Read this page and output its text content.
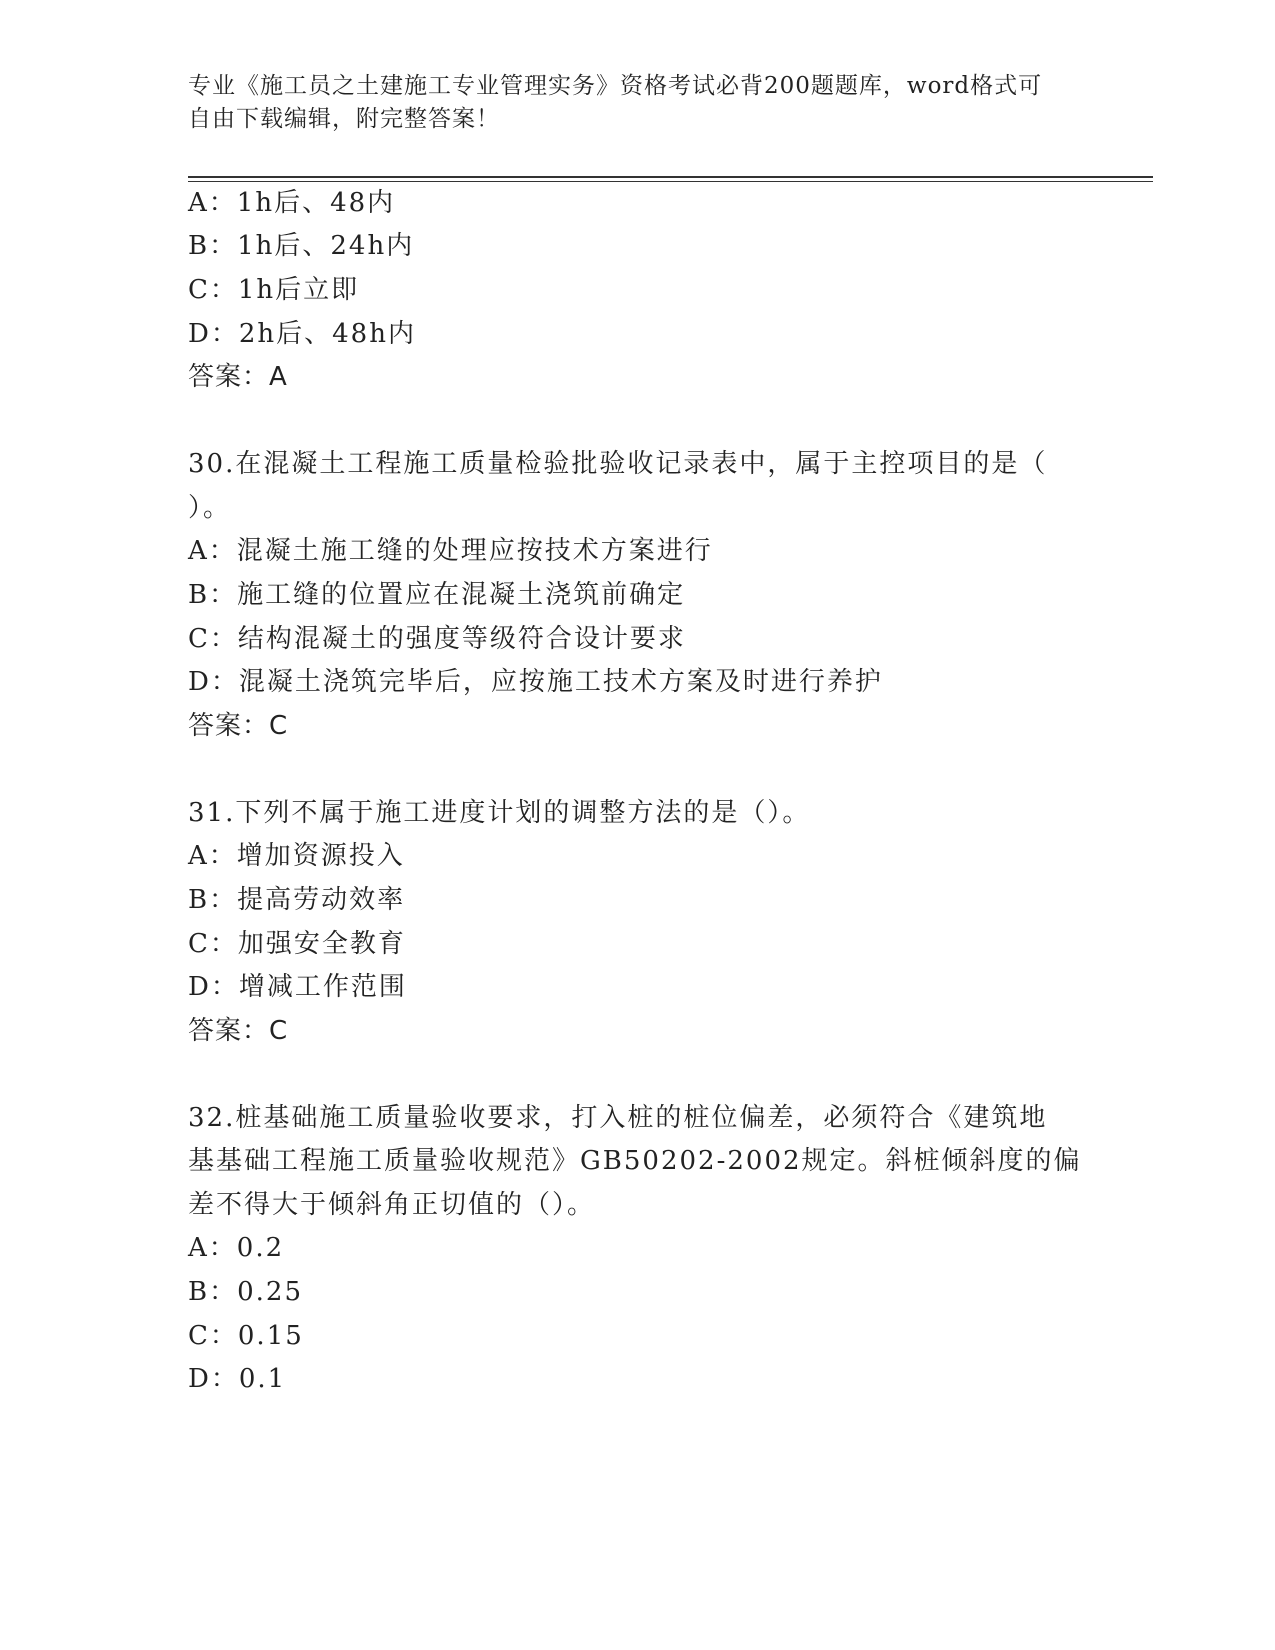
专业《施工员之土建施工专业管理实务》资格考试必背200题题库，word格式可
自由下载编辑，附完整答案！
A：1h后、48内
B：1h后、24h内
C：1h后立即
D：2h后、48h内
答案：A
30.在混凝土工程施工质量检验批验收记录表中，属于主控项目的是（
）。
A：混凝土施工缝的处理应按技术方案进行
B：施工缝的位置应在混凝土浇筑前确定
C：结构混凝土的强度等级符合设计要求
D：混凝土浇筑完毕后，应按施工技术方案及时进行养护
答案：C
31.下列不属于施工进度计划的调整方法的是（）。
A：增加资源投入
B：提高劳动效率
C：加强安全教育
D：增减工作范围
答案：C
32.桩基础施工质量验收要求，打入桩的桩位偏差，必须符合《建筑地
基基础工程施工质量验收规范》GB50202-2002规定。斜桩倾斜度的偏
差不得大于倾斜角正切值的（）。
A：0.2
B：0.25
C：0.15
D：0.1
